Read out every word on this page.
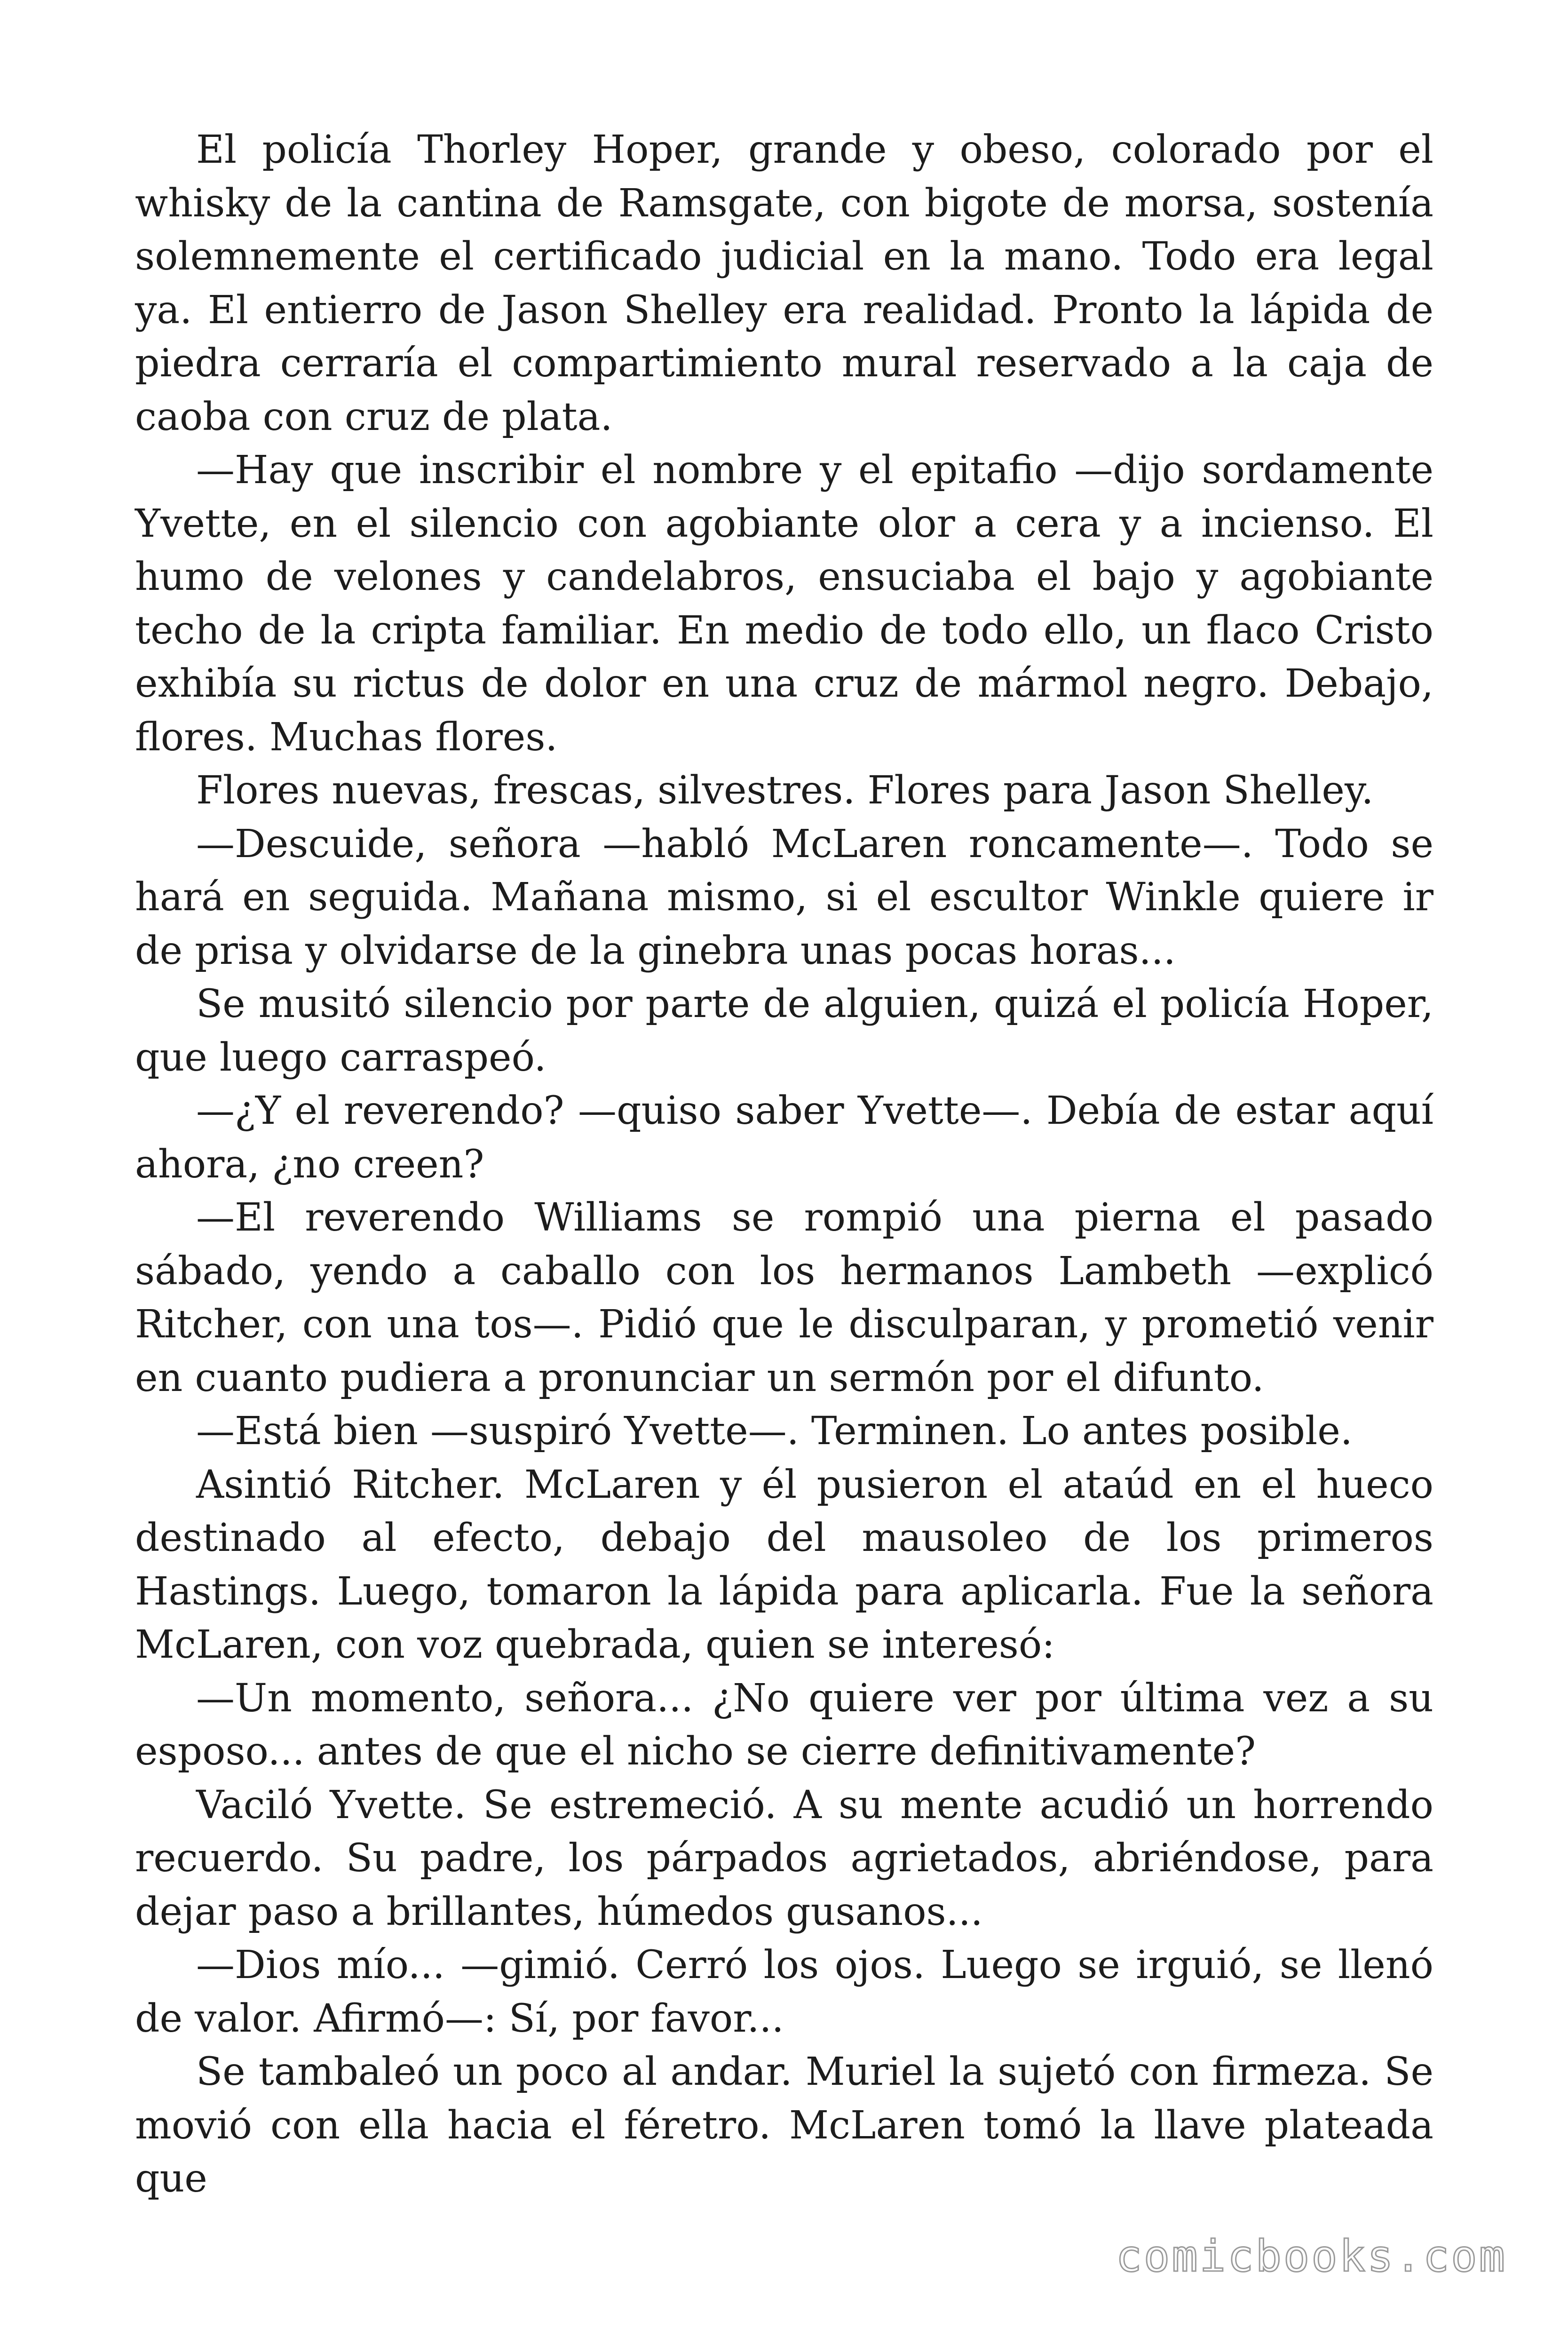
El policía Thorley Hoper, grande y obeso, colorado por el whisky de la cantina de Ramsgate, con bigote de morsa, sostenía solemnemente el certificado judicial en la mano. Todo era legal ya. El entierro de Jason Shelley era realidad. Pronto la lápida de piedra cerraría el compartimiento mural reservado a la caja de caoba con cruz de plata.

—Hay que inscribir el nombre y el epitafio —dijo sordamente Yvette, en el silencio con agobiante olor a cera y a incienso. El humo de velones y candelabros, ensuciaba el bajo y agobiante techo de la cripta familiar. En medio de todo ello, un flaco Cristo exhibía su rictus de dolor en una cruz de mármol negro. Debajo, flores. Muchas flores.

Flores nuevas, frescas, silvestres. Flores para Jason Shelley.

—Descuide, señora —habló McLaren roncamente—. Todo se hará en seguida. Mañana mismo, si el escultor Winkle quiere ir de prisa y olvidarse de la ginebra unas pocas horas...

Se musitó silencio por parte de alguien, quizá el policía Hoper, que luego carraspeó.

—¿Y el reverendo? —quiso saber Yvette—. Debía de estar aquí ahora, ¿no creen?

—El reverendo Williams se rompió una pierna el pasado sábado, yendo a caballo con los hermanos Lambeth —explicó Ritcher, con una tos—. Pidió que le disculparan, y prometió venir en cuanto pudiera a pronunciar un sermón por el difunto.

—Está bien —suspiró Yvette—. Terminen. Lo antes posible.

Asintió Ritcher. McLaren y él pusieron el ataúd en el hueco destinado al efecto, debajo del mausoleo de los primeros Hastings. Luego, tomaron la lápida para aplicarla. Fue la señora McLaren, con voz quebrada, quien se interesó:

—Un momento, señora... ¿No quiere ver por última vez a su esposo... antes de que el nicho se cierre definitivamente?

Vaciló Yvette. Se estremeció. A su mente acudió un horrendo recuerdo. Su padre, los párpados agrietados, abriéndose, para dejar paso a brillantes, húmedos gusanos...

—Dios mío... —gimió. Cerró los ojos. Luego se irguió, se llenó de valor. Afirmó—: Sí, por favor...

Se tambaleó un poco al andar. Muriel la sujetó con firmeza. Se movió con ella hacia el féretro. McLaren tomó la llave plateada que

comicbooks.com
